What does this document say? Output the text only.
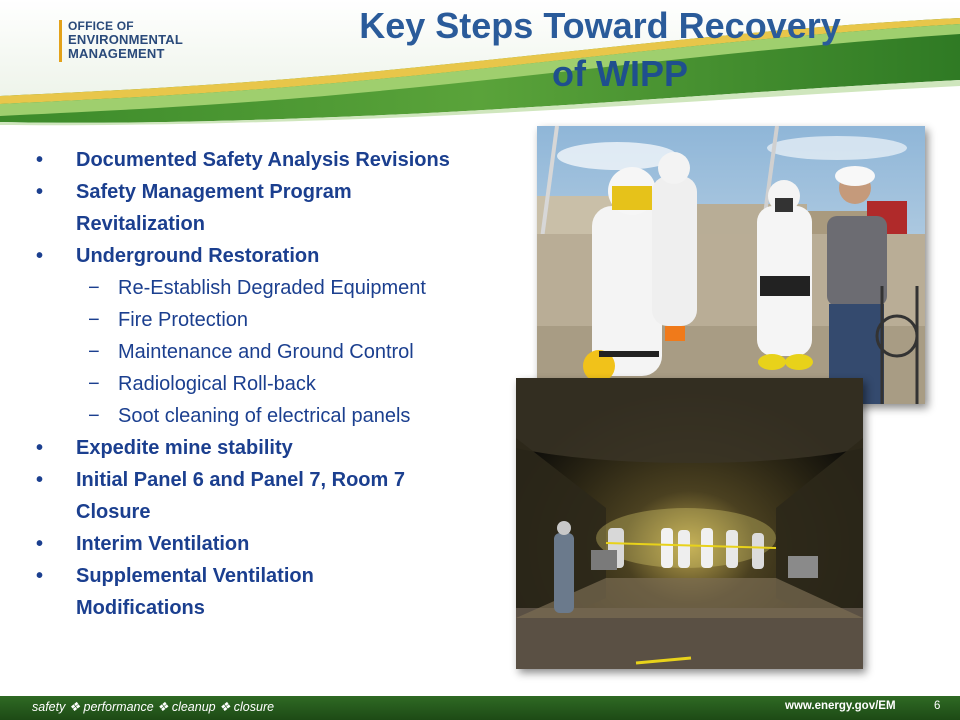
OFFICE OF
ENVIRONMENTAL
MANAGEMENT
Key Steps Toward Recovery
of WIPP
• Documented Safety Analysis Revisions
• Safety Management Program
Revitalization
• Underground Restoration
− Re-Establish Degraded Equipment
− Fire Protection
− Maintenance and Ground Control
− Radiological Roll-back
− Soot cleaning of electrical panels
• Expedite mine stability
• Initial Panel 6 and Panel 7, Room 7
Closure
• Interim Ventilation
• Supplemental Ventilation
Modifications
safety ❖ performance ❖ cleanup ❖ closure	www.energy.gov/EM	6
